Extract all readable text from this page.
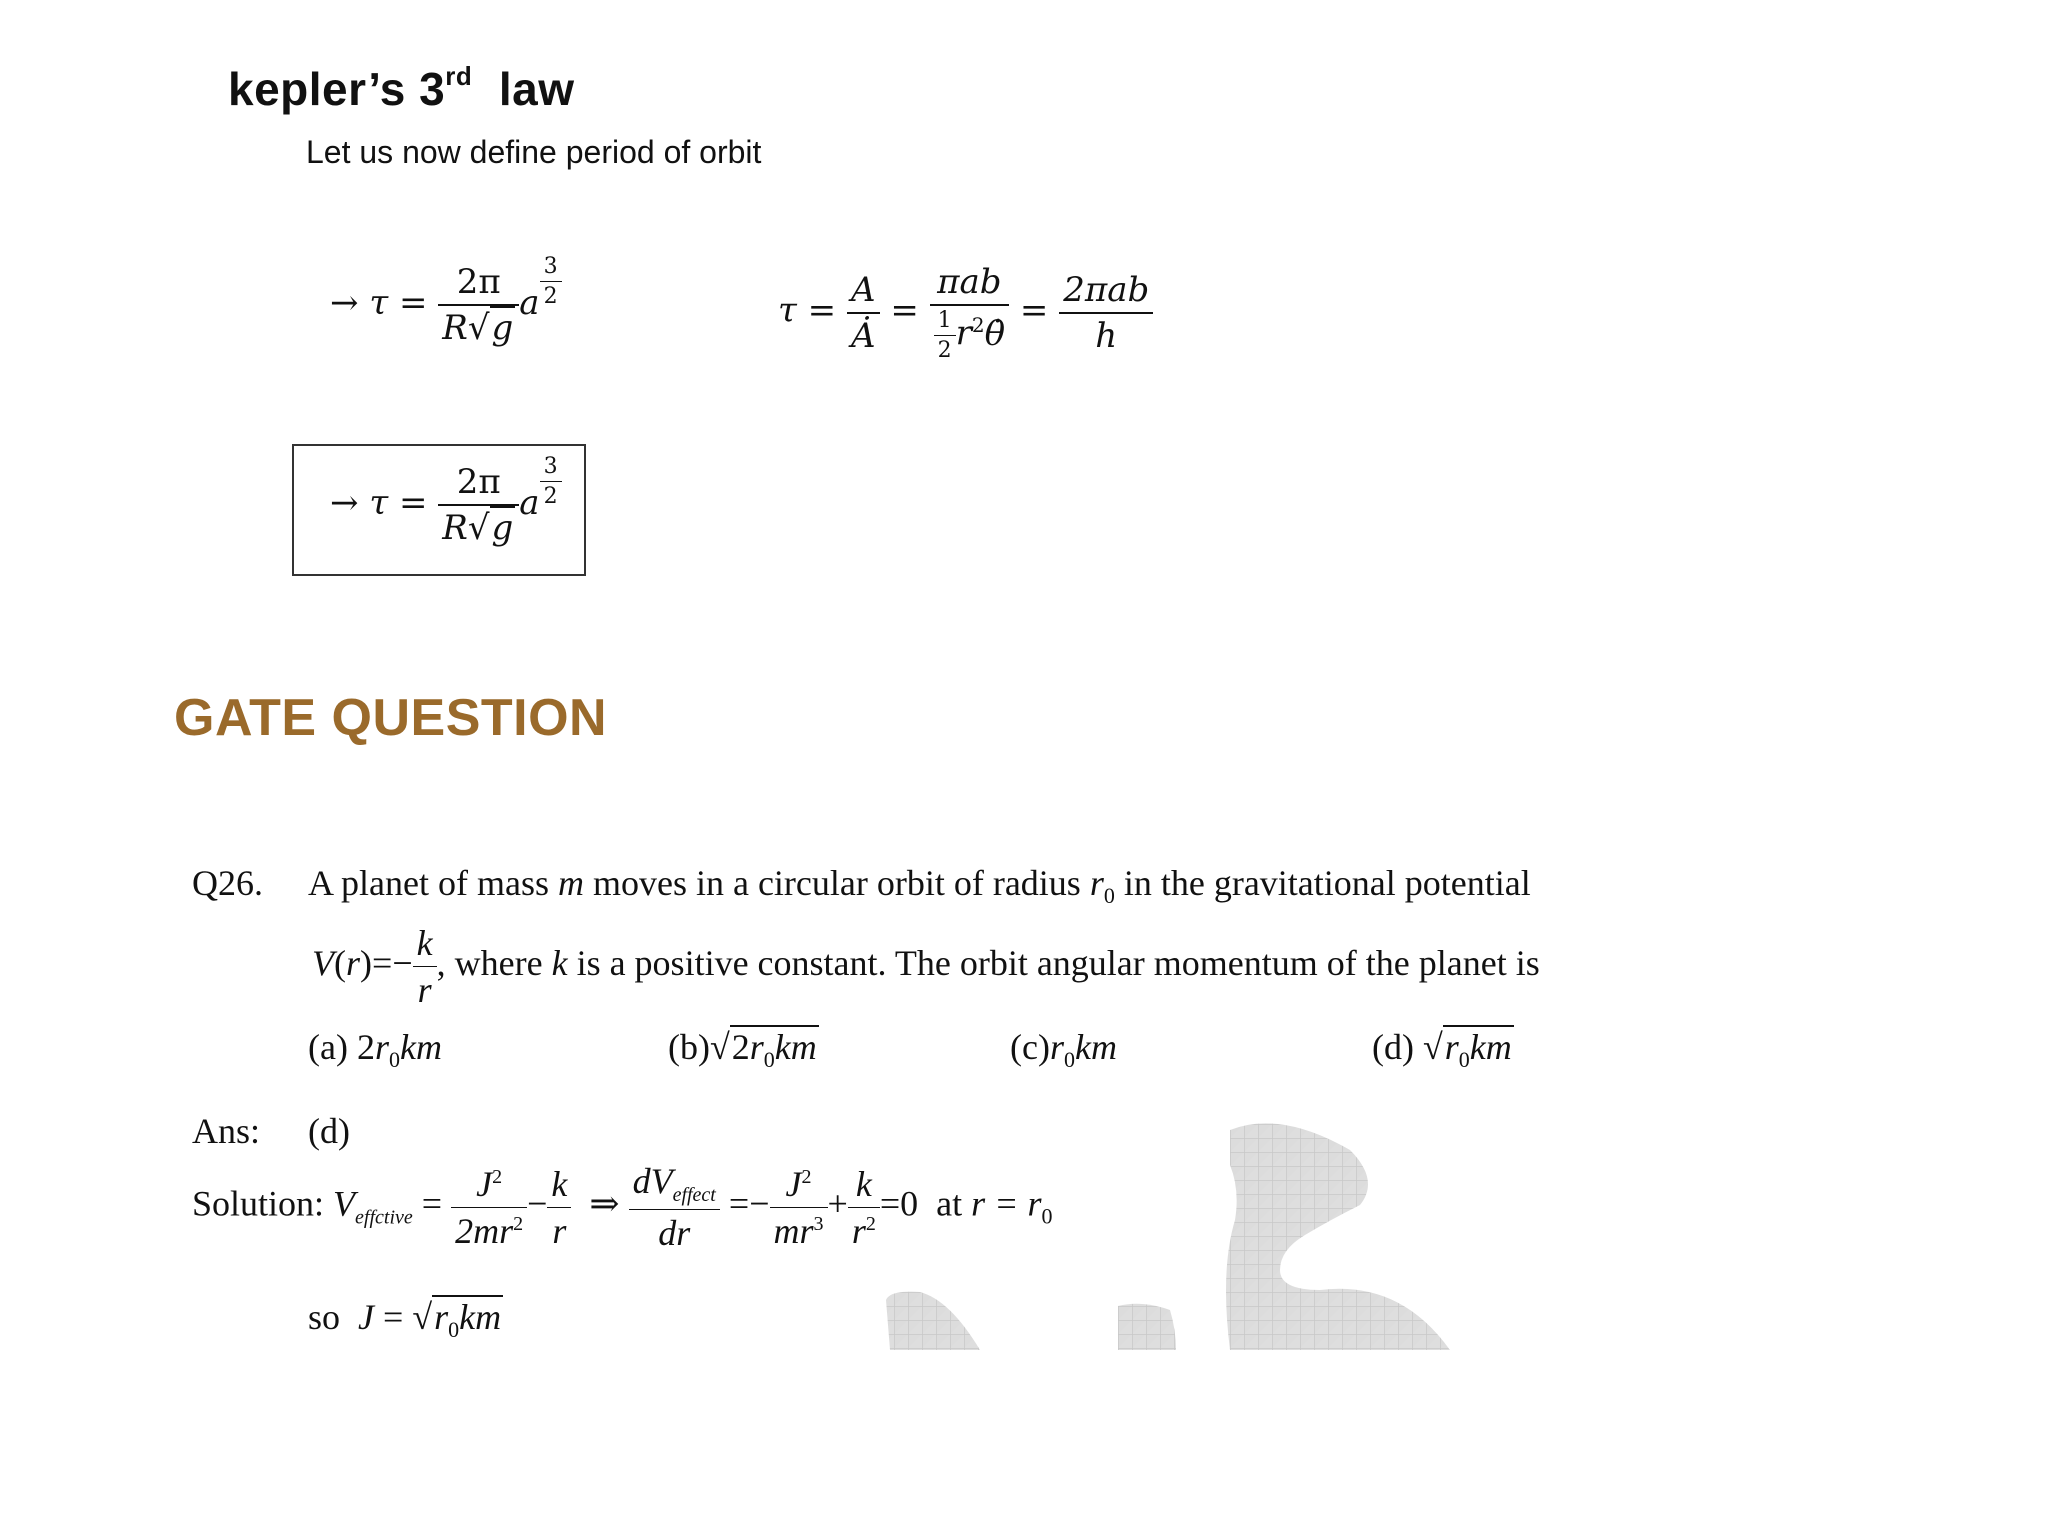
kepler’s 3rd law
Let us now define period of orbit
→ $\tau = \frac{2\pi}{R√g}$ a $\frac{3}{2}$
$\tau = \frac{A}{Ȧ} = \frac{\text{πab}}{\frac{1}{2} r^2\thetȧ} = \frac{\text{2πab}}{h}$
→ $\tau = \frac{2\pi}{R√g}$ a $\frac{3}{2}$
GATE QUESTION
Q26. A planet of mass m moves in a circular orbit of radius $r_0$ in the gravitational potential
$V(r)=- \frac{k}{r}$ , where k is a positive constant. The orbit angular momentum of the planet is
(a) $2r_0km$	$(b)√2r_0km$	$(c)r_0km$	(d) $√r_0km$
Ans: (d)
Solution: $V_{effctive} = \frac{J^2}{2mr^2} - \frac{k}{r}$ ⇒ $\frac{dV_{effect}}{dr} =- \frac{J^2}{mr^3} + \frac{k}{r^2} =0$ at $r = r_0$
so $J = √r_0km$
